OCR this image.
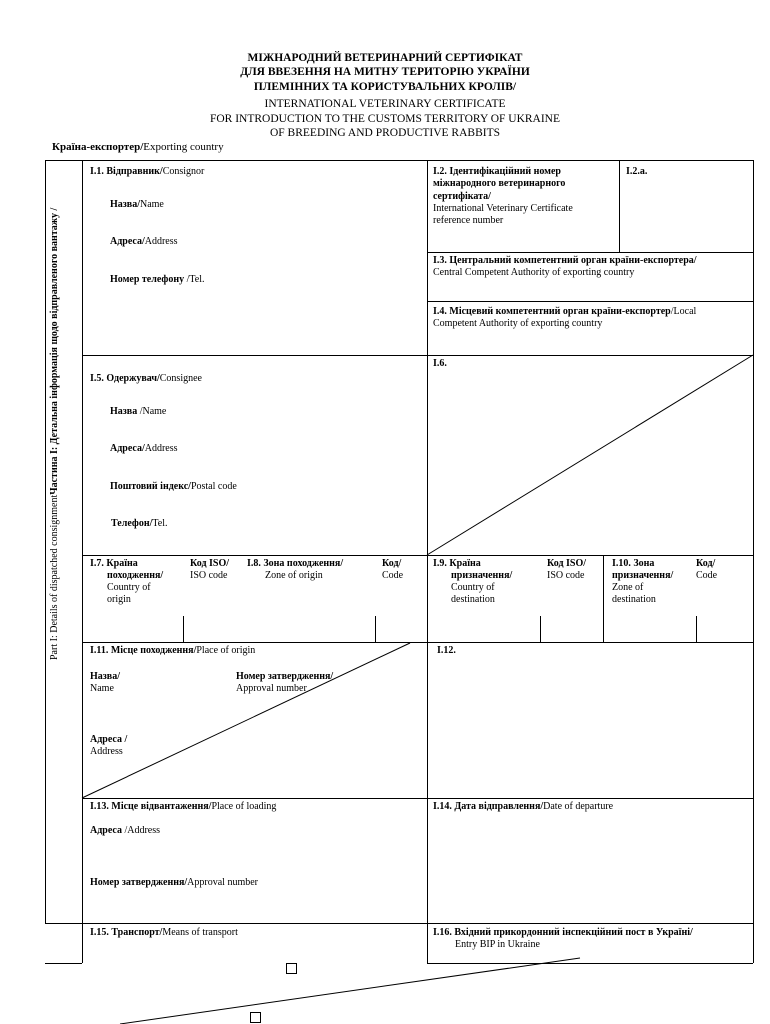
МІЖНАРОДНИЙ ВЕТЕРИНАРНИЙ СЕРТИФІКАТ
ДЛЯ ВВЕЗЕННЯ НА МИТНУ ТЕРИТОРІЮ УКРАЇНИ
ПЛЕМІННИХ ТА КОРИСТУВАЛЬНИХ КРОЛІВ/
INTERNATIONAL VETERINARY CERTIFICATE
FOR INTRODUCTION TO THE CUSTOMS TERRITORY OF UKRAINE
OF BREEDING AND PRODUCTIVE RABBITS
Країна-експортер/Exporting country
Part I: Details of dispatched consignmentЧастина I: Детальна інформація щодо відправленого вантажу /
I.1. Відправник/Consignor
Назва/Name
Адреса/Address
Номер телефону /Tel.
I.2. Ідентифікаційний номер
міжнародного ветеринарного
сертифіката/
International Veterinary Certificate
reference number
I.2.a.
I.3. Центральний компетентний орган країни-експортера/
Central Competent Authority of exporting country
I.4. Місцевий компетентний орган країни-експортер/Local
Competent Authority of exporting country
I.5. Одержувач/Consignee
Назва /Name
Адреса/Address
Поштовий індекс/Postal code
Телефон/Tel.
I.6.
I.7. Країна
походження/
Country of
origin
Код ISO/
ISO code
I.8. Зона походження/
Zone of origin
Код/
Code
I.9. Країна
призначення/
Country of
destination
Код ISO/
ISO code
I.10. Зона
призначення/
Zone of
destination
Код/
Code
I.11. Місце походження/Place of origin
Назва/
Name
Номер затвердження/
Approval number
Адреса /
Address
I.12.
I.13. Місце відвантаження/Place of loading
Адреса /Address
Номер затвердження/Approval number
I.14. Дата відправлення/Date of departure
I.15. Транспорт/Means of transport	I.16. Вхідний прикордонний інспекційний пост в Україні/
Entry BIP in Ukraine
